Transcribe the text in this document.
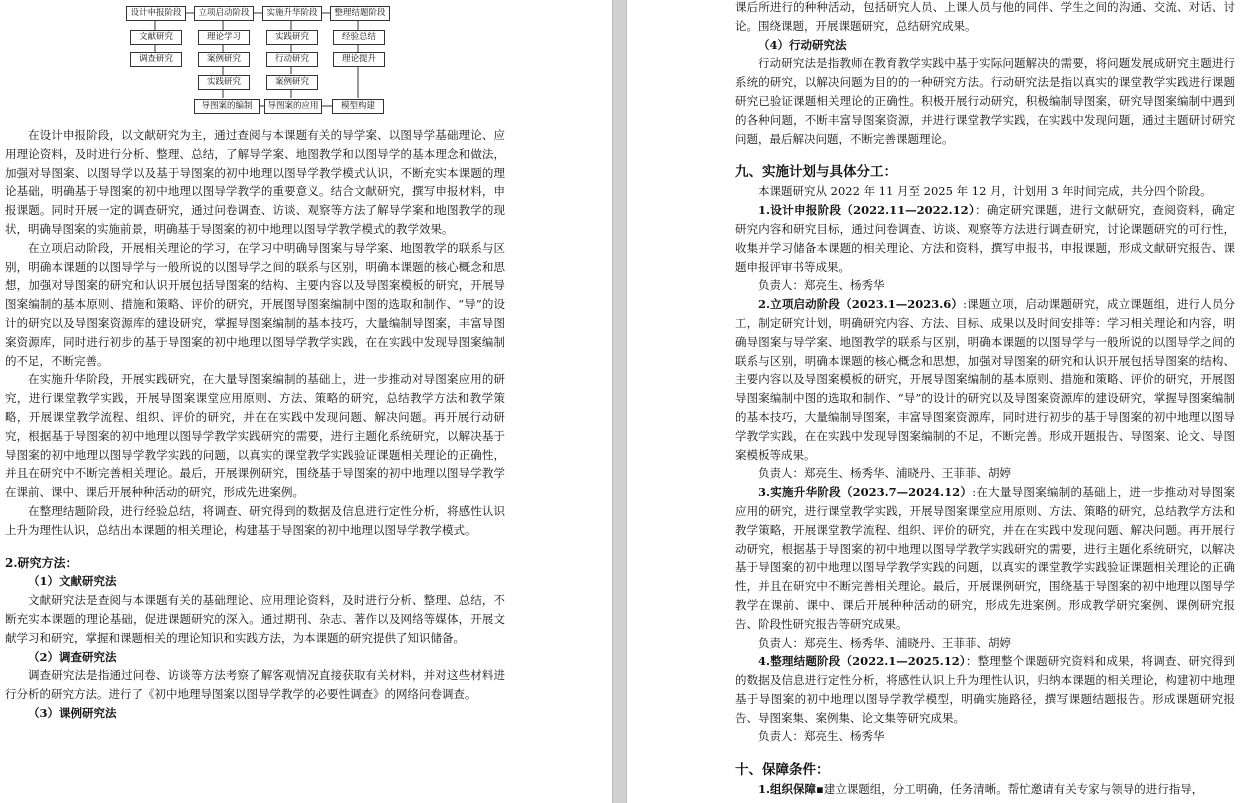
设计申报阶段	立项启动阶段	实施升华阶段	整理结题阶段
文献研究	理论学习	实践研究	经验总结
调查研究	案例研究	行动研究	理论提升
实践研究	案例研究
导图案的编制	导图案的应用	模型构建

在设计申报阶段，以文献研究为主，通过查阅与本课题有关的导学案、以图导学基础理论、应用理论资料，及时进行分析、整理、总结，了解导学案、地图教学和以图导学的基本理念和做法，加强对导图案、以图导学以及基于导图案的初中地理以图导学教学模式认识，不断充实本课题的理论基础，明确基于导图案的初中地理以图导学教学的重要意义。结合文献研究，撰写申报材料，申报课题。同时开展一定的调查研究，通过问卷调查、访谈、观察等方法了解导学案和地图教学的现状，明确导图案的实施前景，明确基于导图案的初中地理以图导学教学模式的教学效果。

在立项启动阶段，开展相关理论的学习，在学习中明确导图案与导学案、地图教学的联系与区别，明确本课题的以图导学与一般所说的以图导学之间的联系与区别，明确本课题的核心概念和思想，加强对导图案的研究和认识开展包括导图案的结构、主要内容以及导图案模板的研究，开展导图案编制的基本原则、措施和策略、评价的研究，开展图导图案编制中图的选取和制作、“导”的设计的研究以及导图案资源库的建设研究，掌握导图案编制的基本技巧，大量编制导图案，丰富导图案资源库，同时进行初步的基于导图案的初中地理以图导学教学实践，在在实践中发现导图案编制的不足，不断完善。

在实施升华阶段，开展实践研究，在大量导图案编制的基础上，进一步推动对导图案应用的研究，进行课堂教学实践，开展导图案课堂应用原则、方法、策略的研究，总结教学方法和教学策略，开展课堂教学流程、组织、评价的研究，并在在实践中发现问题、解决问题。再开展行动研究，根据基于导图案的初中地理以图导学教学实践研究的需要，进行主题化系统研究，以解决基于导图案的初中地理以图导学教学实践的问题，以真实的课堂教学实践验证课题相关理论的正确性，并且在研究中不断完善相关理论。最后，开展课例研究，围绕基于导图案的初中地理以图导学教学在课前、课中、课后开展种种活动的研究，形成先进案例。

在整理结题阶段，进行经验总结，将调查、研究得到的数据及信息进行定性分析，将感性认识上升为理性认识，总结出本课题的相关理论，构建基于导图案的初中地理以图导学教学模式。

2.研究方法：

（1）文献研究法

文献研究法是查阅与本课题有关的基础理论、应用理论资料，及时进行分析、整理、总结，不断充实本课题的理论基础，促进课题研究的深入。通过期刊、杂志、著作以及网络等媒体，开展文献学习和研究，掌握和课题相关的理论知识和实践方法，为本课题的研究提供了知识储备。

（2）调查研究法

调查研究法是指通过问卷、访谈等方法考察了解客观情况直接获取有关材料，并对这些材料进行分析的研究方法。进行了《初中地理导图案以图导学教学的必要性调查》的网络问卷调查。

（3）课例研究法

课后所进行的种种活动，包括研究人员、上课人员与他的同伴、学生之间的沟通、交流、对话、讨论。围绕课题，开展课题研究，总结研究成果。

（4）行动研究法

行动研究法是指教师在教育教学实践中基于实际问题解决的需要，将问题发展成研究主题进行系统的研究，以解决问题为目的的一种研究方法。行动研究法是指以真实的课堂教学实践进行课题研究已验证课题相关理论的正确性。积极开展行动研究，积极编制导图案，研究导图案编制中遇到的各种问题，不断丰富导图案资源，并进行课堂教学实践，在实践中发现问题，通过主题研讨研究问题，最后解决问题，不断完善课题理论。

九、实施计划与具体分工：

本课题研究从 2022 年 11 月至 2025 年 12 月，计划用 3 年时间完成，共分四个阶段。

1.设计申报阶段（2022.11—2022.12）：确定研究课题，进行文献研究，查阅资料，确定研究内容和研究目标，通过问卷调查、访谈、观察等方法进行调查研究，讨论课题研究的可行性，收集并学习储备本课题的相关理论、方法和资料，撰写申报书，申报课题，形成文献研究报告、课题申报评审书等成果。

负责人：郑亮生、杨秀华

2.立项启动阶段（2023.1—2023.6）:课题立项，启动课题研究，成立课题组，进行人员分工，制定研究计划，明确研究内容、方法、目标、成果以及时间安排等：学习相关理论和内容，明确导图案与导学案、地图教学的联系与区别，明确本课题的以图导学与一般所说的以图导学之间的联系与区别，明确本课题的核心概念和思想，加强对导图案的研究和认识开展包括导图案的结构、主要内容以及导图案模板的研究，开展导图案编制的基本原则、措施和策略、评价的研究，开展图导图案编制中图的选取和制作、“导”的设计的研究以及导图案资源库的建设研究，掌握导图案编制的基本技巧，大量编制导图案，丰富导图案资源库，同时进行初步的基于导图案的初中地理以图导学教学实践，在在实践中发现导图案编制的不足，不断完善。形成开题报告、导图案、论文、导图案模板等成果。

负责人：郑亮生、杨秀华、浦晓丹、王菲菲、胡婷

3.实施升华阶段（2023.7—2024.12）:在大量导图案编制的基础上，进一步推动对导图案应用的研究，进行课堂教学实践，开展导图案课堂应用原则、方法、策略的研究，总结教学方法和教学策略，开展课堂教学流程、组织、评价的研究，并在在实践中发现问题、解决问题。再开展行动研究，根据基于导图案的初中地理以图导学教学实践研究的需要，进行主题化系统研究，以解决基于导图案的初中地理以图导学教学实践的问题，以真实的课堂教学实践验证课题相关理论的正确性，并且在研究中不断完善相关理论。最后，开展课例研究，围绕基于导图案的初中地理以图导学教学在课前、课中、课后开展种种活动的研究，形成先进案例。形成教学研究案例、课例研究报告、阶段性研究报告等研究成果。

负责人：郑亮生、杨秀华、浦晓丹、王菲菲、胡婷

4.整理结题阶段（2022.1—2025.12）：整理整个课题研究资料和成果，将调查、研究得到的数据及信息进行定性分析，将感性认识上升为理性认识，归纳本课题的相关理论，构建初中地理基于导图案的初中地理以图导学教学模型，明确实施路径，撰写课题结题报告。形成课题研究报告、导图案集、案例集、论文集等研究成果。

负责人：郑亮生、杨秀华

十、保障条件：

1.组织保障▪建立课题组，分工明确，任务清晰。帮忙邀请有关专家与领导的进行指导，
